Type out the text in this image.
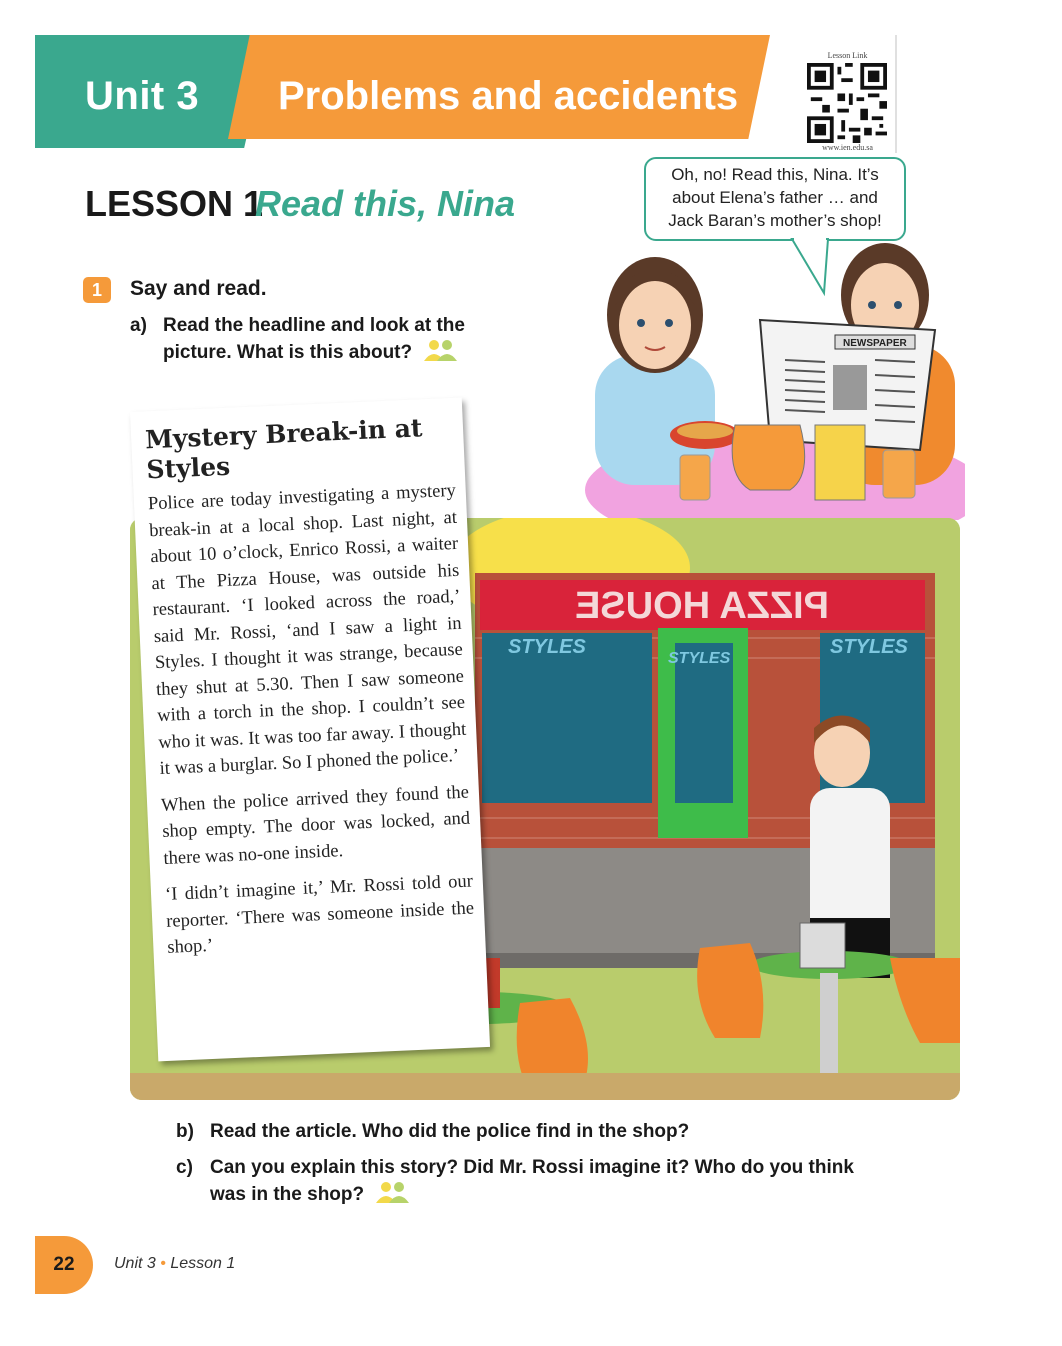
Unit 3 Problems and accidents
Lesson Link
www.ien.edu.sa
LESSON 1
Read this, Nina
NEWSPAPER
Oh, no! Read this, Nina. It’s
about Elena’s father … and
Jack Baran’s mother’s shop!
1	Say and read.
a) Read the headline and look at the
picture. What is this about?
PIZZA HOUSE
STYLES
STYLES
STYLES
Mystery Break-in at Styles

Police are today investigating a mystery break-in at a local shop. Last night, at about 10 o’clock, Enrico Rossi, a waiter at The Pizza House, was outside his restaurant. ‘I looked across the road,’ said Mr. Rossi, ‘and I saw a light in Styles. I thought it was strange, because they shut at 5.30. Then I saw someone with a torch in the shop. I couldn’t see who it was. It was too far away. I thought it was a burglar. So I phoned the police.’

When the police arrived they found the shop empty. The door was locked, and there was no-one inside.

‘I didn’t imagine it,’ Mr. Rossi told our reporter. ‘There was someone inside the shop.’

b) Read the article. Who did the police find in the shop?
c) Can you explain this story? Did Mr. Rossi imagine it? Who do you think
was in the shop?
22	Unit 3 • Lesson 1
